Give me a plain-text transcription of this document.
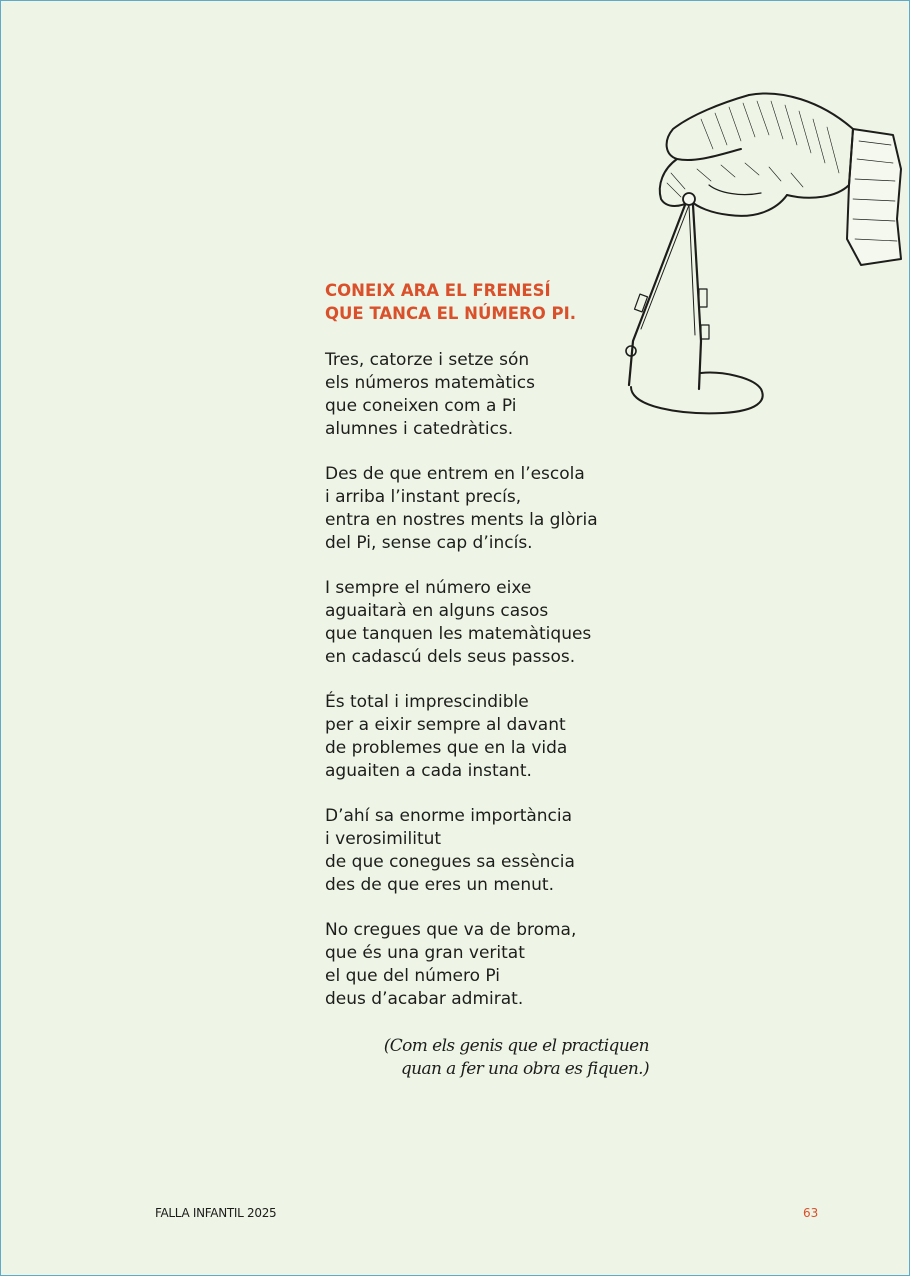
CONEIX ARA EL FRENESÍ
QUE TANCA EL NÚMERO PI.
Tres, catorze i setze són
els números matemàtics
que coneixen com a Pi
alumnes i catedràtics.
Des de que entrem en l’escola
i arriba l’instant precís,
entra en nostres ments la glòria
del Pi, sense cap d’incís.
I sempre el número eixe
aguaitarà en alguns casos
que tanquen les matemàtiques
en cadascú dels seus passos.
És total i imprescindible
per a eixir sempre al davant
de problemes que en la vida
aguaiten a cada instant.
D’ahí sa enorme importància
i verosimilitut
de que conegues sa essència
des de que eres un menut.
No cregues que va de broma,
que és una gran veritat
el que del número Pi
deus d’acabar admirat.
(Com els genis que el practiquen
quan a fer una obra es fiquen.)
FALLA INFANTIL 2025	63
